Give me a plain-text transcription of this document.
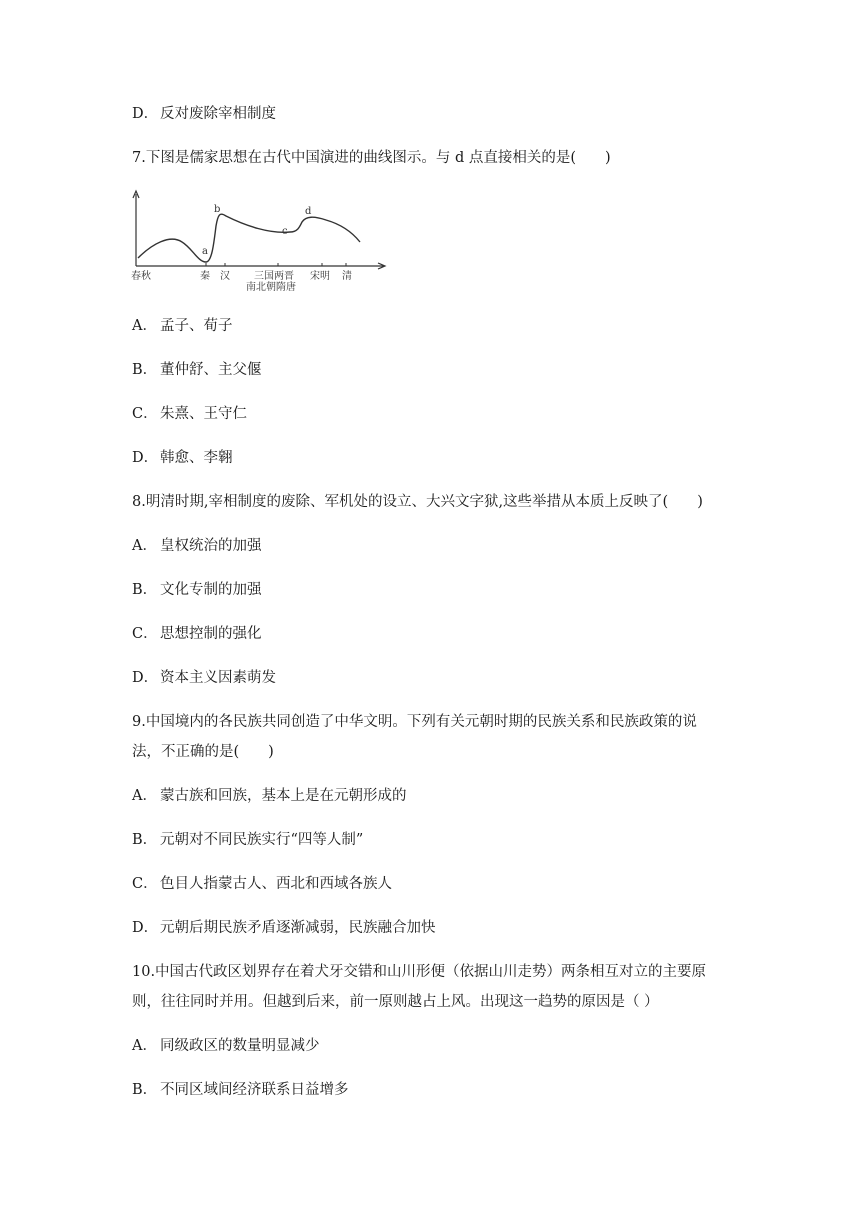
D． 反对废除宰相制度
7.下图是儒家思想在古代中国演进的曲线图示。与 d 点直接相关的是(　　)
a
b
c
d
春秋	秦 汉 三国两晋 宋明 清
南北朝隋唐
A． 孟子、荀子
B． 董仲舒、主父偃
C． 朱熹、王守仁
D． 韩愈、李翱
8.明清时期,宰相制度的废除、军机处的设立、大兴文字狱,这些举措从本质上反映了(　　)
A． 皇权统治的加强
B． 文化专制的加强
C． 思想控制的强化
D． 资本主义因素萌发
9.中国境内的各民族共同创造了中华文明。下列有关元朝时期的民族关系和民族政策的说
法，不正确的是(　　)
A． 蒙古族和回族，基本上是在元朝形成的
B． 元朝对不同民族实行“四等人制”
C． 色目人指蒙古人、西北和西域各族人
D． 元朝后期民族矛盾逐渐减弱，民族融合加快
10.中国古代政区划界存在着犬牙交错和山川形便（依据山川走势）两条相互对立的主要原
则，往往同时并用。但越到后来，前一原则越占上风。出现这一趋势的原因是（ ）
A． 同级政区的数量明显减少
B． 不同区域间经济联系日益增多
